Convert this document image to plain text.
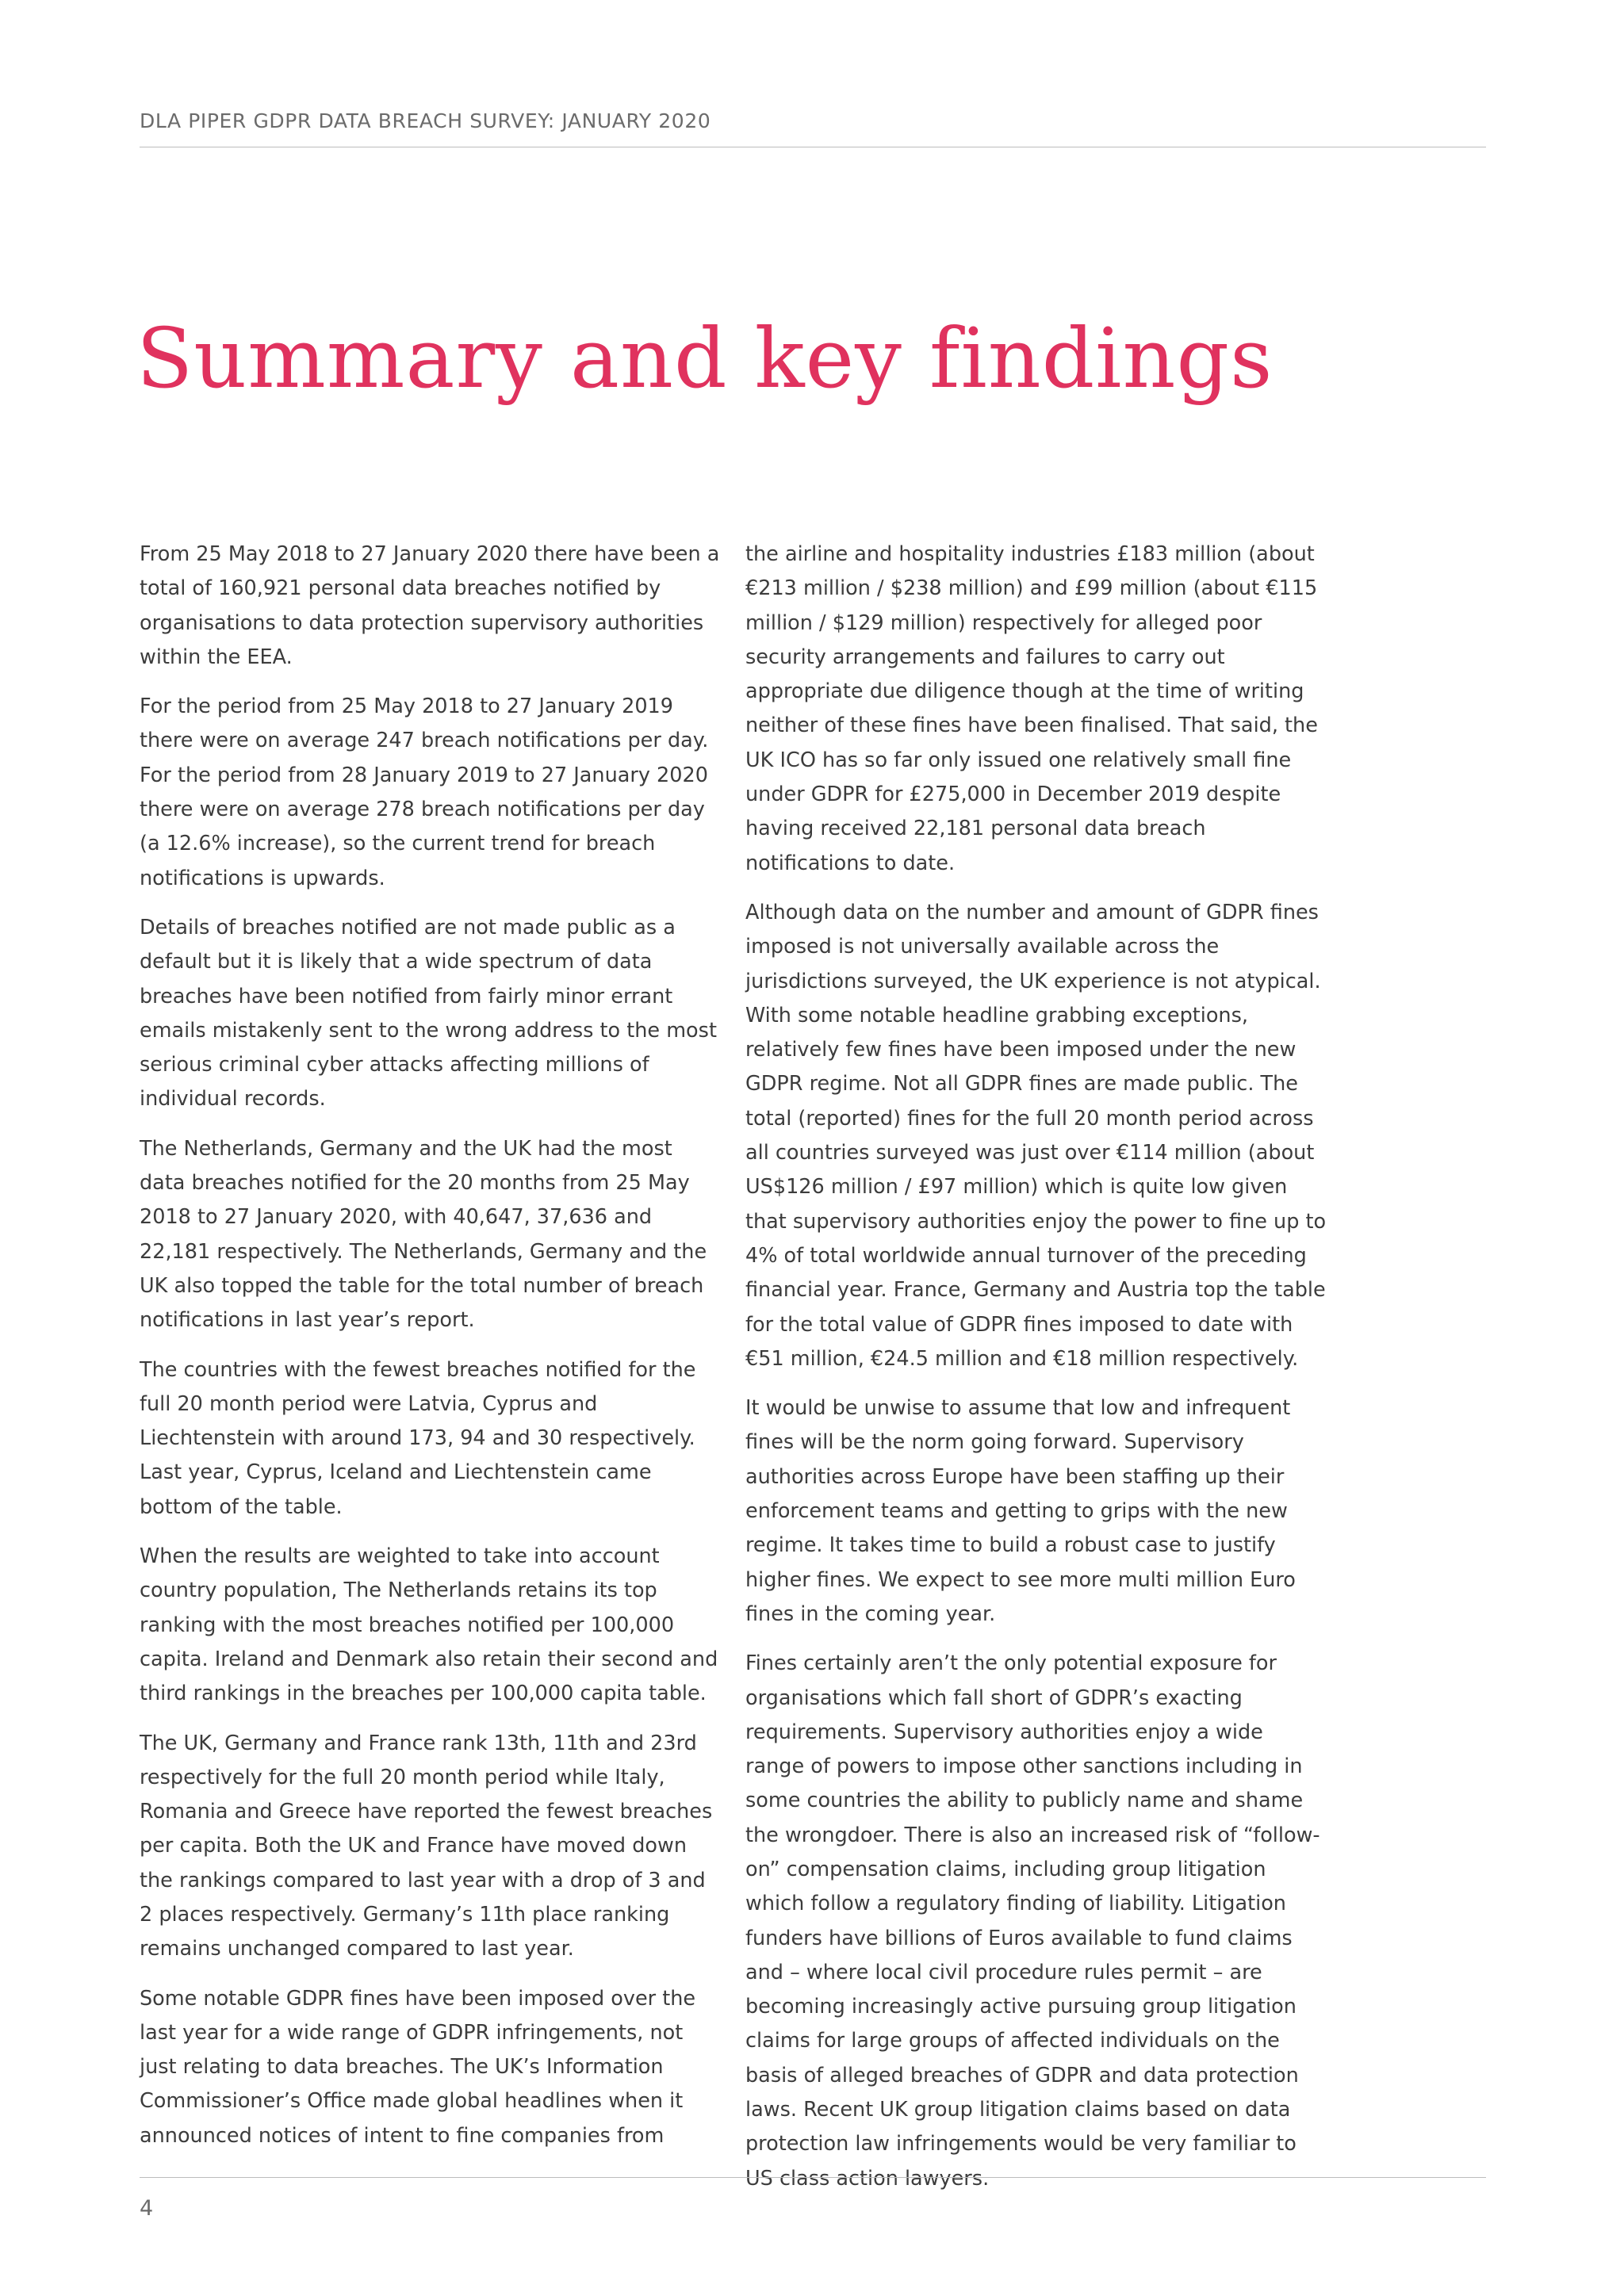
DLA PIPER GDPR DATA BREACH SURVEY: JANUARY 2020
Summary and key findings

From 25 May 2018 to 27 January 2020 there have been a total of 160,921 personal data breaches notified by organisations to data protection supervisory authorities within the EEA.

For the period from 25 May 2018 to 27 January 2019 there were on average 247 breach notifications per day. For the period from 28 January 2019 to 27 January 2020 there were on average 278 breach notifications per day (a 12.6% increase), so the current trend for breach notifications is upwards.

Details of breaches notified are not made public as a default but it is likely that a wide spectrum of data breaches have been notified from fairly minor errant emails mistakenly sent to the wrong address to the most serious criminal cyber attacks affecting millions of individual records.

The Netherlands, Germany and the UK had the most data breaches notified for the 20 months from 25 May 2018 to 27 January 2020, with 40,647, 37,636 and 22,181 respectively. The Netherlands, Germany and the UK also topped the table for the total number of breach notifications in last year’s report.

The countries with the fewest breaches notified for the full 20 month period were Latvia, Cyprus and Liechtenstein with around 173, 94 and 30 respectively. Last year, Cyprus, Iceland and Liechtenstein came bottom of the table.

When the results are weighted to take into account country population, The Netherlands retains its top ranking with the most breaches notified per 100,000 capita. Ireland and Denmark also retain their second and third rankings in the breaches per 100,000 capita table.

The UK, Germany and France rank 13th, 11th and 23rd respectively for the full 20 month period while Italy, Romania and Greece have reported the fewest breaches per capita. Both the UK and France have moved down the rankings compared to last year with a drop of 3 and 2 places respectively. Germany’s 11th place ranking remains unchanged compared to last year.

Some notable GDPR fines have been imposed over the last year for a wide range of GDPR infringements, not just relating to data breaches. The UK’s Information Commissioner’s Office made global headlines when it announced notices of intent to fine companies from

the airline and hospitality industries £183 million (about €213 million / $238 million) and £99 million (about €115 million / $129 million) respectively for alleged poor security arrangements and failures to carry out appropriate due diligence though at the time of writing neither of these fines have been finalised. That said, the UK ICO has so far only issued one relatively small fine under GDPR for £275,000 in December 2019 despite having received 22,181 personal data breach notifications to date.

Although data on the number and amount of GDPR fines imposed is not universally available across the jurisdictions surveyed, the UK experience is not atypical. With some notable headline grabbing exceptions, relatively few fines have been imposed under the new GDPR regime. Not all GDPR fines are made public. The total (reported) fines for the full 20 month period across all countries surveyed was just over €114 million (about US$126 million / £97 million) which is quite low given that supervisory authorities enjoy the power to fine up to 4% of total worldwide annual turnover of the preceding financial year. France, Germany and Austria top the table for the total value of GDPR fines imposed to date with €51 million, €24.5 million and €18 million respectively.

It would be unwise to assume that low and infrequent fines will be the norm going forward. Supervisory authorities across Europe have been staffing up their enforcement teams and getting to grips with the new regime. It takes time to build a robust case to justify higher fines. We expect to see more multi million Euro fines in the coming year.

Fines certainly aren’t the only potential exposure for organisations which fall short of GDPR’s exacting requirements. Supervisory authorities enjoy a wide range of powers to impose other sanctions including in some countries the ability to publicly name and shame the wrongdoer. There is also an increased risk of “follow-on” compensation claims, including group litigation which follow a regulatory finding of liability. Litigation funders have billions of Euros available to fund claims and – where local civil procedure rules permit – are becoming increasingly active pursuing group litigation claims for large groups of affected individuals on the basis of alleged breaches of GDPR and data protection laws. Recent UK group litigation claims based on data protection law infringements would be very familiar to US class action lawyers.

4
